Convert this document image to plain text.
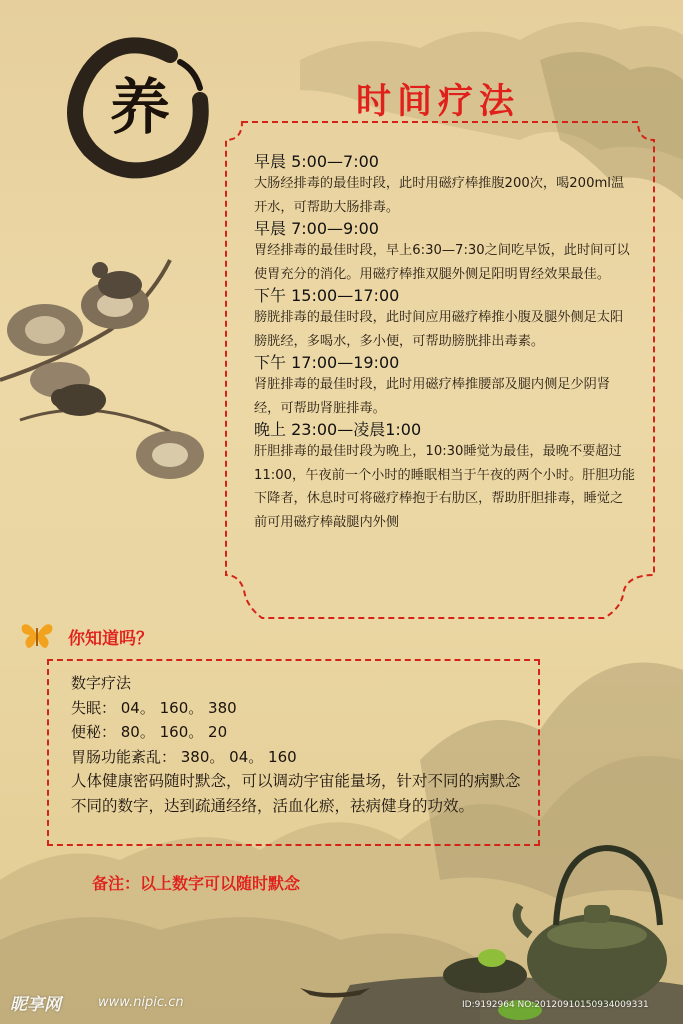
养	时间疗法

早晨 5:00—7:00

大肠经排毒的最佳时段，此时用磁疗棒推腹200次，喝200ml温开水，可帮助大肠排毒。

早晨 7:00—9:00

胃经排毒的最佳时段，早上6:30—7:30之间吃早饭，此时间可以使胃充分的消化。用磁疗棒推双腿外侧足阳明胃经效果最佳。

下午 15:00—17:00

膀胱排毒的最佳时段，此时间应用磁疗棒推小腹及腿外侧足太阳膀胱经，多喝水，多小便，可帮助膀胱排出毒素。

下午 17:00—19:00

肾脏排毒的最佳时段，此时用磁疗棒推腰部及腿内侧足少阴肾经，可帮助肾脏排毒。

晚上 23:00—凌晨1:00

肝胆排毒的最佳时段为晚上，10:30睡觉为最佳，最晚不要超过11:00，午夜前一个小时的睡眠相当于午夜的两个小时。肝胆功能下降者，休息时可将磁疗棒抱于右肋区，帮助肝胆排毒，睡觉之前可用磁疗棒敲腿内外侧

你知道吗？

数字疗法

失眠： 04。 160。 380

便秘： 80。 160。 20

胃肠功能紊乱： 380。 04。 160

人体健康密码随时默念，可以调动宇宙能量场，针对不同的病默念不同的数字，达到疏通经络，活血化瘀，祛病健身的功效。

备注：以上数字可以随时默念

昵享网	www.nipic.cn	ID:9192964 NO:20120910150934009331
